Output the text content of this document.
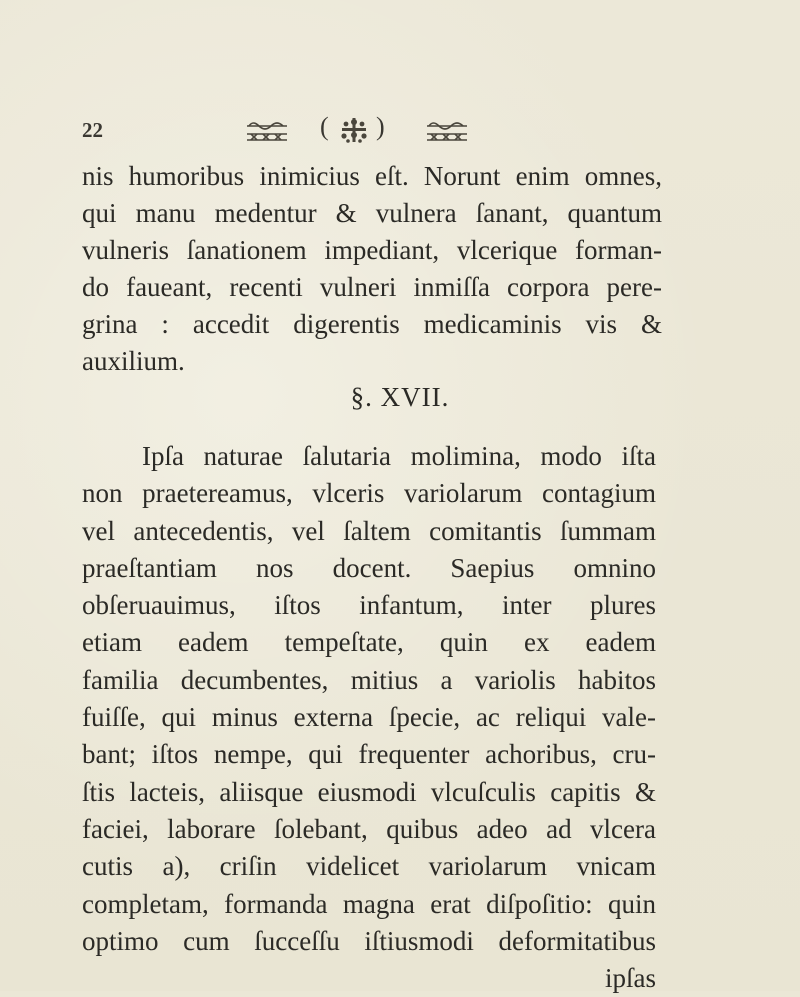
22	( )
nis humoribus inimicius eſt. Norunt enim omnes,
qui manu medentur & vulnera ſanant, quantum
vulneris ſanationem impediant, vlcerique forman-
do faueant, recenti vulneri inmiſſa corpora pere-
grina : accedit digerentis medicaminis vis &
auxilium.
§. XVII.
Ipſa naturae ſalutaria molimina, modo iſta
non praetereamus, vlceris variolarum contagium
vel antecedentis, vel ſaltem comitantis ſummam
praeſtantiam nos docent. Saepius omnino
obſeruauimus, iſtos infantum, inter plures
etiam eadem tempeſtate, quin ex eadem
familia decumbentes, mitius a variolis habitos
fuiſſe, qui minus externa ſpecie, ac reliqui vale-
bant; iſtos nempe, qui frequenter achoribus, cru-
ſtis lacteis, aliisque eiusmodi vlcuſculis capitis &
faciei, laborare ſolebant, quibus adeo ad vlcera
cutis a), criſin videlicet variolarum vnicam
completam, formanda magna erat diſpoſitio: quin
optimo cum ſucceſſu iſtiusmodi deformitatibus
ipſas
